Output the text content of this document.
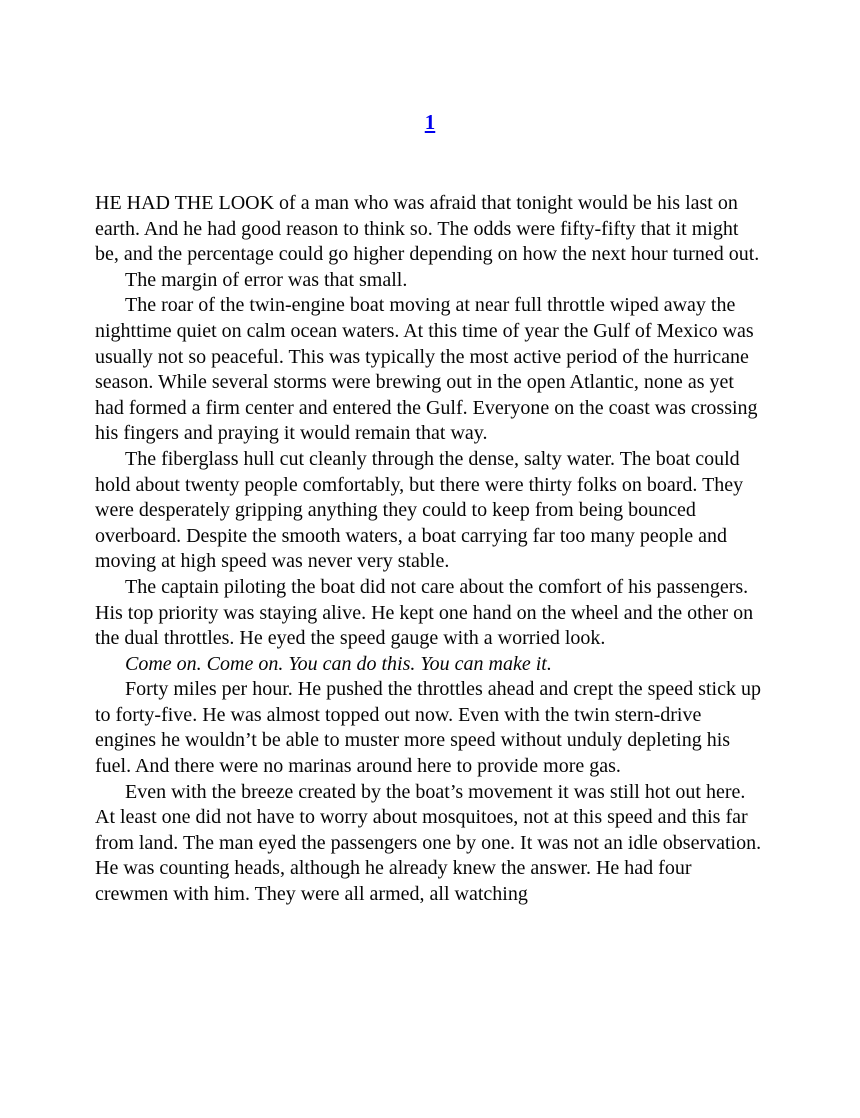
1

HE HAD THE LOOK of a man who was afraid that tonight would be his last on earth. And he had good reason to think so. The odds were fifty-fifty that it might be, and the percentage could go higher depending on how the next hour turned out.

The margin of error was that small.

The roar of the twin-engine boat moving at near full throttle wiped away the nighttime quiet on calm ocean waters. At this time of year the Gulf of Mexico was usually not so peaceful. This was typically the most active period of the hurricane season. While several storms were brewing out in the open Atlantic, none as yet had formed a firm center and entered the Gulf. Everyone on the coast was crossing his fingers and praying it would remain that way.

The fiberglass hull cut cleanly through the dense, salty water. The boat could hold about twenty people comfortably, but there were thirty folks on board. They were desperately gripping anything they could to keep from being bounced overboard. Despite the smooth waters, a boat carrying far too many people and moving at high speed was never very stable.

The captain piloting the boat did not care about the comfort of his passengers. His top priority was staying alive. He kept one hand on the wheel and the other on the dual throttles. He eyed the speed gauge with a worried look.

Come on. Come on. You can do this. You can make it.

Forty miles per hour. He pushed the throttles ahead and crept the speed stick up to forty-five. He was almost topped out now. Even with the twin stern-drive engines he wouldn’t be able to muster more speed without unduly depleting his fuel. And there were no marinas around here to provide more gas.

Even with the breeze created by the boat’s movement it was still hot out here. At least one did not have to worry about mosquitoes, not at this speed and this far from land. The man eyed the passengers one by one. It was not an idle observation. He was counting heads, although he already knew the answer. He had four crewmen with him. They were all armed, all watching
